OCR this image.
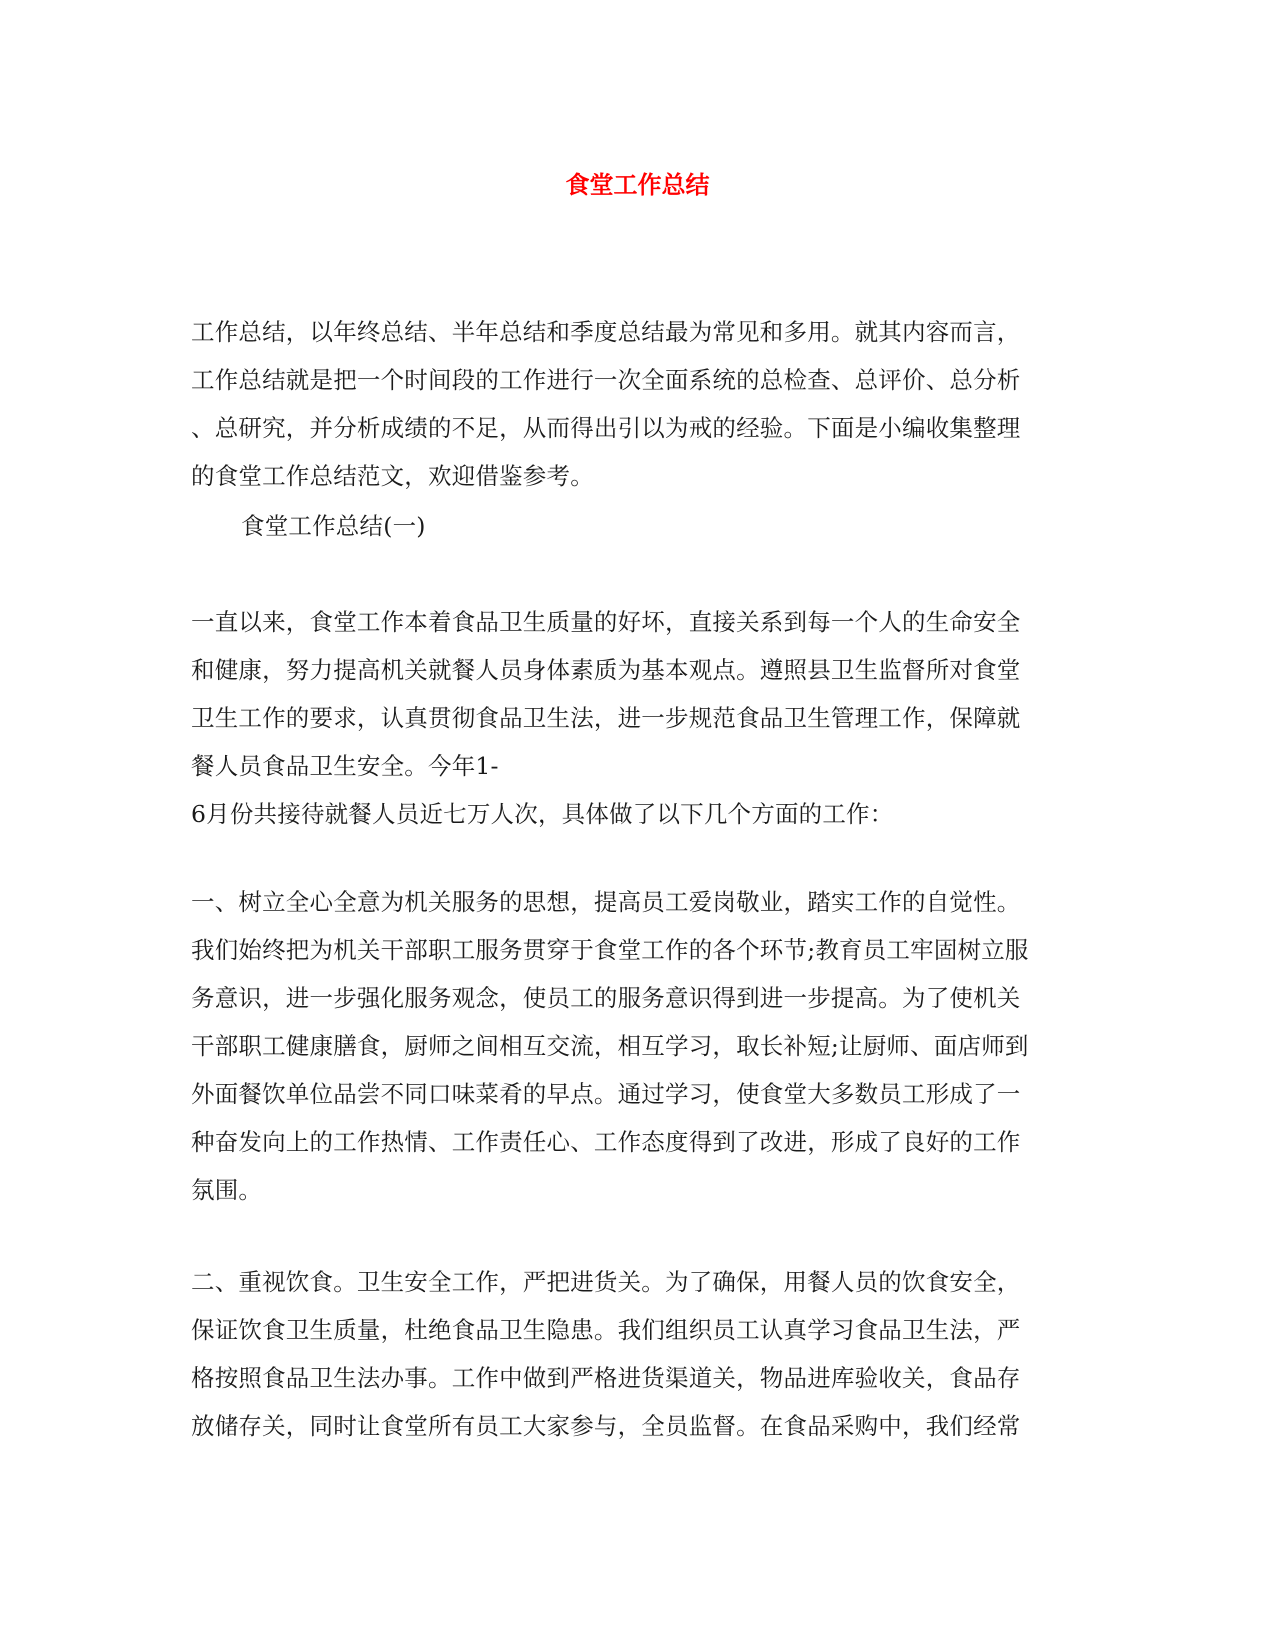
食堂工作总结
工作总结，以年终总结、半年总结和季度总结最为常见和多用。就其内容而言，
工作总结就是把一个时间段的工作进行一次全面系统的总检查、总评价、总分析
、总研究，并分析成绩的不足，从而得出引以为戒的经验。下面是小编收集整理
的食堂工作总结范文，欢迎借鉴参考。
食堂工作总结(一)
一直以来，食堂工作本着食品卫生质量的好坏，直接关系到每一个人的生命安全
和健康，努力提高机关就餐人员身体素质为基本观点。遵照县卫生监督所对食堂
卫生工作的要求，认真贯彻食品卫生法，进一步规范食品卫生管理工作，保障就
餐人员食品卫生安全。今年1-
6月份共接待就餐人员近七万人次，具体做了以下几个方面的工作：
一、树立全心全意为机关服务的思想，提高员工爱岗敬业，踏实工作的自觉性。
我们始终把为机关干部职工服务贯穿于食堂工作的各个环节;教育员工牢固树立服
务意识，进一步强化服务观念，使员工的服务意识得到进一步提高。为了使机关
干部职工健康膳食，厨师之间相互交流，相互学习，取长补短;让厨师、面店师到
外面餐饮单位品尝不同口味菜肴的早点。通过学习，使食堂大多数员工形成了一
种奋发向上的工作热情、工作责任心、工作态度得到了改进，形成了良好的工作
氛围。
二、重视饮食。卫生安全工作，严把进货关。为了确保，用餐人员的饮食安全，
保证饮食卫生质量，杜绝食品卫生隐患。我们组织员工认真学习食品卫生法，严
格按照食品卫生法办事。工作中做到严格进货渠道关，物品进库验收关，食品存
放储存关，同时让食堂所有员工大家参与，全员监督。在食品采购中，我们经常
